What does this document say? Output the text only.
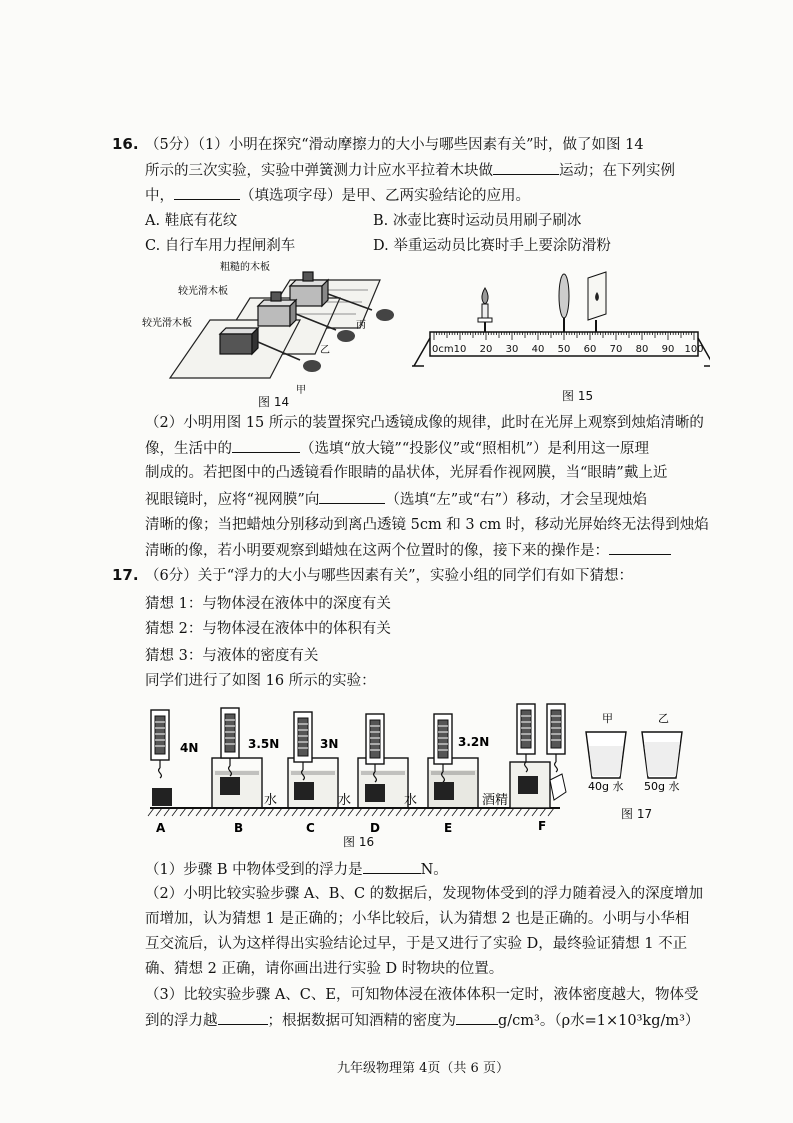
16. （5分）（1）小明在探究“滑动摩擦力的大小与哪些因素有关”时，做了如图 14
所示的三次实验，实验中弹簧测力计应水平拉着木块做	运动；在下列实例
中，	（填选项字母）是甲、乙两实验结论的应用。
A. 鞋底有花纹	B. 冰壶比赛时运动员用刷子刷冰
C. 自行车用力捏闸刹车	D. 举重运动员比赛时手上要涂防滑粉
粗糙的木板
较光滑木板
较光滑木板	丙
乙
甲
图 14
0cm 10 20 30 40 50 60 70 80 90 100
图 15
（2）小明用图 15 所示的装置探究凸透镜成像的规律，此时在光屏上观察到烛焰清晰的
像，生活中的	（选填“放大镜”“投影仪”或“照相机”）是利用这一原理
制成的。若把图中的凸透镜看作眼睛的晶状体，光屏看作视网膜，当“眼睛”戴上近
视眼镜时，应将“视网膜”向	（选填“左”或“右”）移动，才会呈现烛焰
清晰的像；当把蜡烛分别移动到离凸透镜 5cm 和 3 cm 时，移动光屏始终无法得到烛焰
清晰的像，若小明要观察到蜡烛在这两个位置时的像，接下来的操作是：
17. （6分）关于“浮力的大小与哪些因素有关”，实验小组的同学们有如下猜想：
猜想 1：与物体浸在液体中的深度有关
猜想 2：与物体浸在液体中的体积有关
猜想 3：与液体的密度有关
同学们进行了如图 16 所示的实验：
4N	3.5N	3N	3.2N
水	水	水	酒精
A	B	C	D	E	F
图 16
甲	乙
40g 水 50g 水
图 17
（1）步骤 B 中物体受到的浮力是	N。
（2）小明比较实验步骤 A、B、C 的数据后，发现物体受到的浮力随着浸入的深度增加
而增加，认为猜想 1 是正确的；小华比较后，认为猜想 2 也是正确的。小明与小华相
互交流后，认为这样得出实验结论过早，于是又进行了实验 D，最终验证猜想 1 不正
确、猜想 2 正确，请你画出进行实验 D 时物块的位置。
（3）比较实验步骤 A、C、E，可知物体浸在液体体积一定时，液体密度越大，物体受
到的浮力越	；根据数据可知酒精的密度为	g/cm³。（ρ水=1×10³kg/m³）
九年级物理第 4页（共 6 页）
